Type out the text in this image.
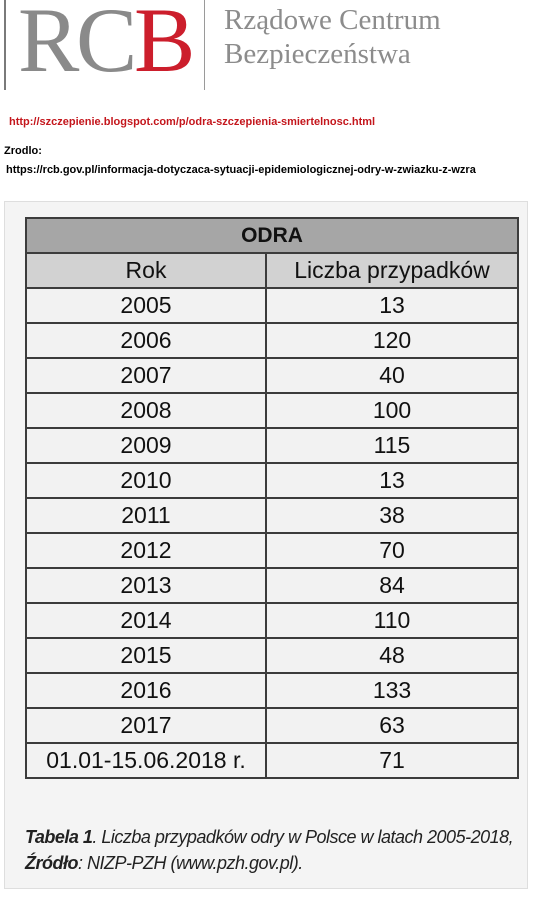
R
C
B Rządowe Centrum
Bezpieczeństwa
http://szczepienie.blogspot.com/p/odra-szczepienia-smiertelnosc.html
Zrodlo:
https://rcb.gov.pl/informacja-dotyczaca-sytuacji-epidemiologicznej-odry-w-zwiazku-z-wzra
ODRA	
Rok	Liczba przypadków
2005	13
2006	120
2007	40
2008	100
2009	115
2010	13
2011	38
2012	70
2013	84
2014	110
2015	48
2016	133
2017	63
01.01-15.06.2018 r.	71
Tabela 1. Liczba przypadków odry w Polsce w latach 2005-2018,
Źródło: NIZP-PZH (www.pzh.gov.pl).
